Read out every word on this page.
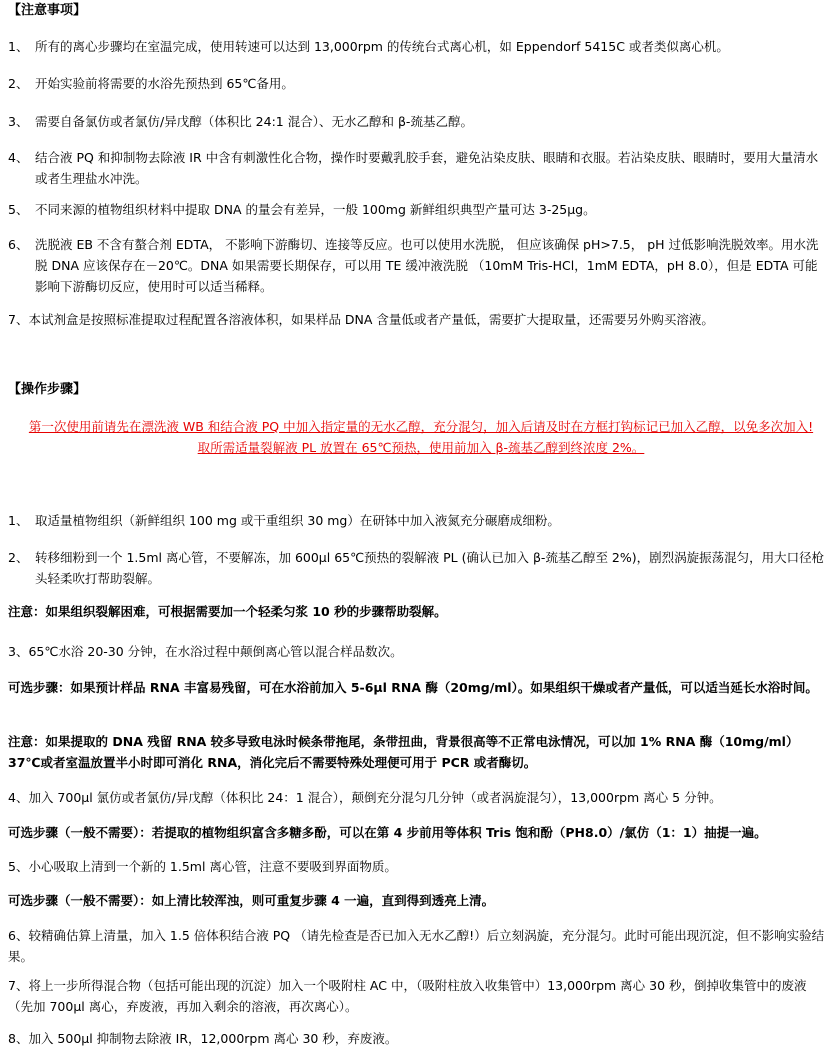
【注意事项】
1、 所有的离心步骤均在室温完成，使用转速可以达到 13,000rpm 的传统台式离心机，如 Eppendorf 5415C 或者类似离心机。
2、 开始实验前将需要的水浴先预热到 65℃备用。
3、 需要自备氯仿或者氯仿/异戊醇（体积比 24:1 混合）、无水乙醇和 β-巯基乙醇。
4、 结合液 PQ 和抑制物去除液 IR 中含有刺激性化合物，操作时要戴乳胶手套，避免沾染皮肤、眼睛和衣服。若沾染皮肤、眼睛时，要用大量清水或者生理盐水冲洗。
5、 不同来源的植物组织材料中提取 DNA 的量会有差异，一般 100mg 新鲜组织典型产量可达 3-25μg。
6、 洗脱液 EB 不含有螯合剂 EDTA， 不影响下游酶切、连接等反应。也可以使用水洗脱， 但应该确保 pH>7.5， pH 过低影响洗脱效率。用水洗脱 DNA 应该保存在－20℃。DNA 如果需要长期保存，可以用 TE 缓冲液洗脱 （10mM Tris-HCl，1mM EDTA，pH 8.0），但是 EDTA 可能影响下游酶切反应，使用时可以适当稀释。
7、本试剂盒是按照标准提取过程配置各溶液体积，如果样品 DNA 含量低或者产量低，需要扩大提取量，还需要另外购买溶液。
【操作步骤】
第一次使用前请先在漂洗液 WB 和结合液 PQ 中加入指定量的无水乙醇，充分混匀，加入后请及时在方框打钩标记已加入乙醇，以免多次加入!
取所需适量裂解液 PL 放置在 65℃预热，使用前加入 β-巯基乙醇到终浓度 2%。
1、 取适量植物组织（新鲜组织 100 mg 或干重组织 30 mg）在研钵中加入液氮充分碾磨成细粉。
2、 转移细粉到一个 1.5ml 离心管，不要解冻，加 600μl 65℃预热的裂解液 PL (确认已加入 β-巯基乙醇至 2%)，剧烈涡旋振荡混匀，用大口径枪头轻柔吹打帮助裂解。
注意：如果组织裂解困难，可根据需要加一个轻柔匀浆 10 秒的步骤帮助裂解。
3、65℃水浴 20-30 分钟，在水浴过程中颠倒离心管以混合样品数次。
可选步骤：如果预计样品 RNA 丰富易残留，可在水浴前加入 5-6μl RNA 酶（20mg/ml）。如果组织干燥或者产量低，可以适当延长水浴时间。
注意：如果提取的 DNA 残留 RNA 较多导致电泳时候条带拖尾，条带扭曲，背景很高等不正常电泳情况，可以加 1% RNA 酶（10mg/ml）37℃或者室温放置半小时即可消化 RNA，消化完后不需要特殊处理便可用于 PCR 或者酶切。
4、加入 700μl 氯仿或者氯仿/异戊醇（体积比 24：1 混合），颠倒充分混匀几分钟（或者涡旋混匀），13,000rpm 离心 5 分钟。
可选步骤（一般不需要）：若提取的植物组织富含多糖多酚，可以在第 4 步前用等体积 Tris 饱和酚（PH8.0）/氯仿（1：1）抽提一遍。
5、小心吸取上清到一个新的 1.5ml 离心管，注意不要吸到界面物质。
可选步骤（一般不需要）：如上清比较浑浊，则可重复步骤 4 一遍，直到得到透亮上清。
6、较精确估算上清量，加入 1.5 倍体积结合液 PQ （请先检查是否已加入无水乙醇!）后立刻涡旋，充分混匀。此时可能出现沉淀，但不影响实验结果。
7、将上一步所得混合物（包括可能出现的沉淀）加入一个吸附柱 AC 中，（吸附柱放入收集管中）13,000rpm 离心 30 秒，倒掉收集管中的废液（先加 700μl 离心，弃废液，再加入剩余的溶液，再次离心）。
8、加入 500μl 抑制物去除液 IR，12,000rpm 离心 30 秒，弃废液。
